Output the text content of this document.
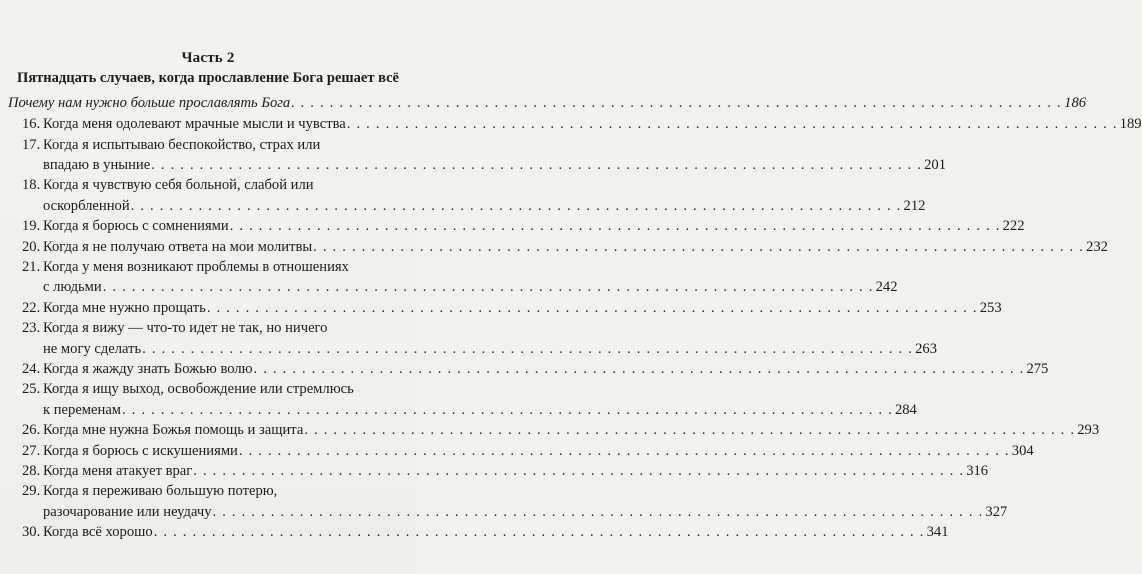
Часть 2
Пятнадцать случаев, когда прославление Бога решает всё
Почему нам нужно больше прославлять Бога . . . . . . . . . . . . . . . . . . . . . . . . . . . . . . . . . . . . . . . . . . . . . . . . . . . . . . . . . . . . . . . . . . . . . . . . . . . . . . . . 186
16. Когда меня одолевают мрачные мысли и чувства . . . . . . . . . . . . . . . . . . . . . . . . . . . . . . . . . . . . . . . . . . . . . . . . . . . . . . . . . . . . . . . . . . . . . . . . . . . . . . . . 189
17. Когда я испытываю беспокойство, страх или
впадаю в уныние . . . . . . . . . . . . . . . . . . . . . . . . . . . . . . . . . . . . . . . . . . . . . . . . . . . . . . . . . . . . . . . . . . . . . . . . . . . . . . . . 201
18. Когда я чувствую себя больной, слабой или
оскорбленной . . . . . . . . . . . . . . . . . . . . . . . . . . . . . . . . . . . . . . . . . . . . . . . . . . . . . . . . . . . . . . . . . . . . . . . . . . . . . . . . 212
19. Когда я борюсь с сомнениями . . . . . . . . . . . . . . . . . . . . . . . . . . . . . . . . . . . . . . . . . . . . . . . . . . . . . . . . . . . . . . . . . . . . . . . . . . . . . . . . 222
20. Когда я не получаю ответа на мои молитвы . . . . . . . . . . . . . . . . . . . . . . . . . . . . . . . . . . . . . . . . . . . . . . . . . . . . . . . . . . . . . . . . . . . . . . . . . . . . . . . . 232
21. Когда у меня возникают проблемы в отношениях
с людьми . . . . . . . . . . . . . . . . . . . . . . . . . . . . . . . . . . . . . . . . . . . . . . . . . . . . . . . . . . . . . . . . . . . . . . . . . . . . . . . . 242
22. Когда мне нужно прощать . . . . . . . . . . . . . . . . . . . . . . . . . . . . . . . . . . . . . . . . . . . . . . . . . . . . . . . . . . . . . . . . . . . . . . . . . . . . . . . . 253
23. Когда я вижу — что-то идет не так, но ничего
не могу сделать . . . . . . . . . . . . . . . . . . . . . . . . . . . . . . . . . . . . . . . . . . . . . . . . . . . . . . . . . . . . . . . . . . . . . . . . . . . . . . . . 263
24. Когда я жажду знать Божью волю . . . . . . . . . . . . . . . . . . . . . . . . . . . . . . . . . . . . . . . . . . . . . . . . . . . . . . . . . . . . . . . . . . . . . . . . . . . . . . . . 275
25. Когда я ищу выход, освобождение или стремлюсь
к переменам . . . . . . . . . . . . . . . . . . . . . . . . . . . . . . . . . . . . . . . . . . . . . . . . . . . . . . . . . . . . . . . . . . . . . . . . . . . . . . . . 284
26. Когда мне нужна Божья помощь и защита . . . . . . . . . . . . . . . . . . . . . . . . . . . . . . . . . . . . . . . . . . . . . . . . . . . . . . . . . . . . . . . . . . . . . . . . . . . . . . . . 293
27. Когда я борюсь с искушениями . . . . . . . . . . . . . . . . . . . . . . . . . . . . . . . . . . . . . . . . . . . . . . . . . . . . . . . . . . . . . . . . . . . . . . . . . . . . . . . . 304
28. Когда меня атакует враг . . . . . . . . . . . . . . . . . . . . . . . . . . . . . . . . . . . . . . . . . . . . . . . . . . . . . . . . . . . . . . . . . . . . . . . . . . . . . . . . 316
29. Когда я переживаю большую потерю,
разочарование или неудачу . . . . . . . . . . . . . . . . . . . . . . . . . . . . . . . . . . . . . . . . . . . . . . . . . . . . . . . . . . . . . . . . . . . . . . . . . . . . . . . . 327
30. Когда всё хорошо . . . . . . . . . . . . . . . . . . . . . . . . . . . . . . . . . . . . . . . . . . . . . . . . . . . . . . . . . . . . . . . . . . . . . . . . . . . . . . . . 341
